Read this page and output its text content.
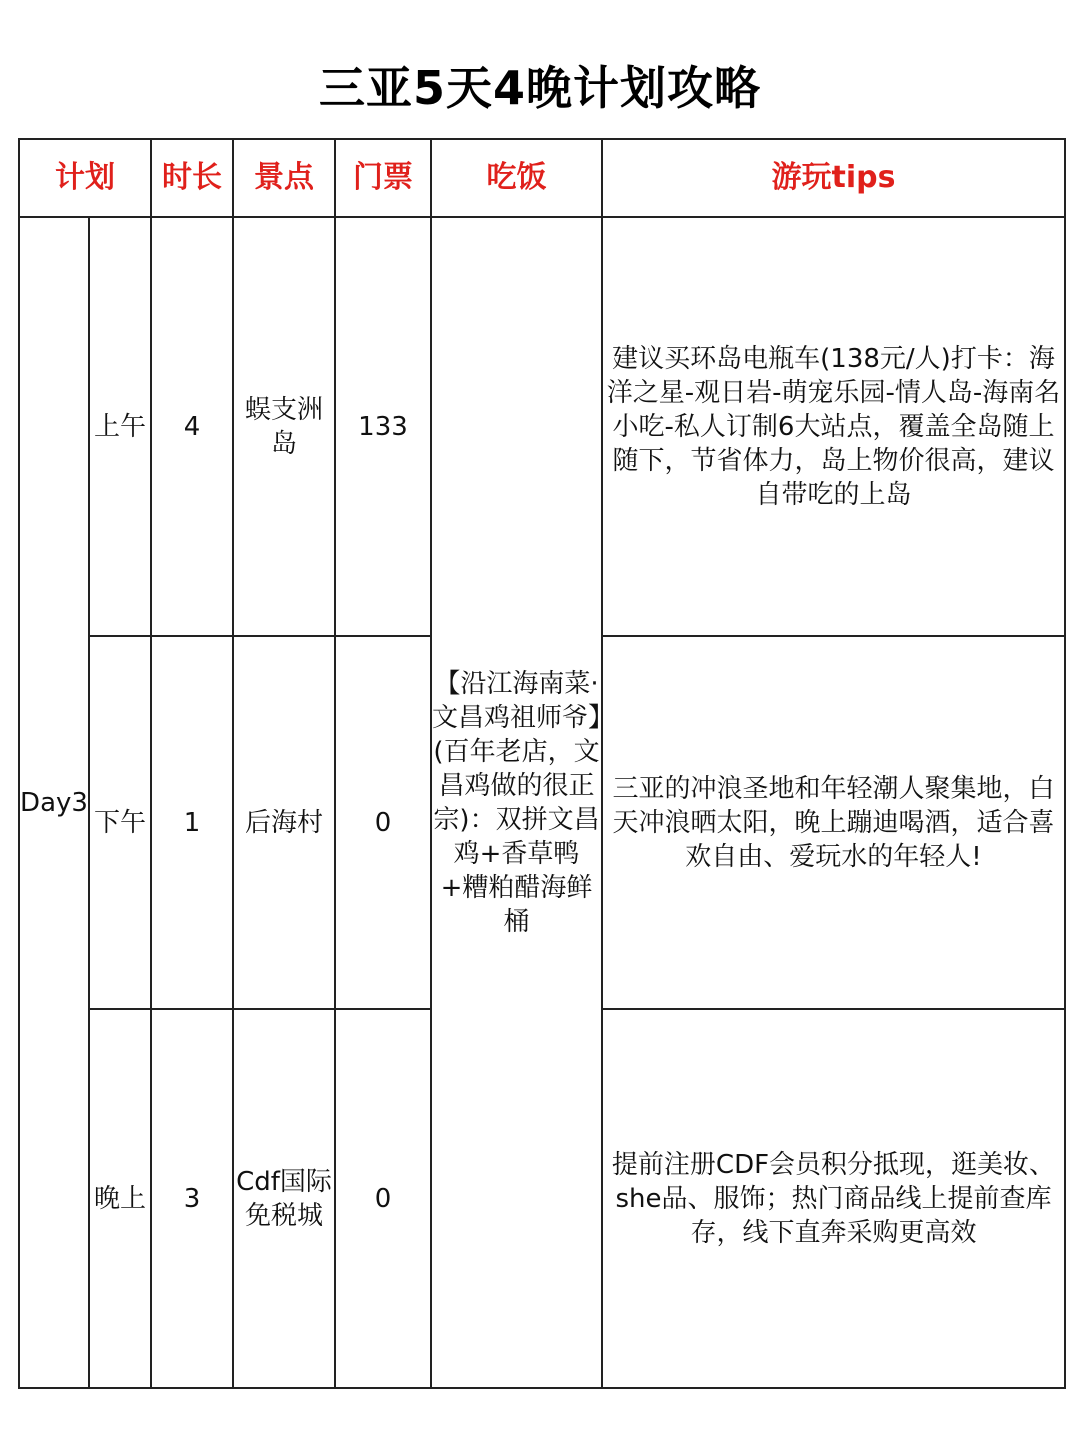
三亚5天4晚计划攻略
计划		时长	景点	门票	吃饭	游玩tips
Day3	上午	4	蜈支洲岛	133	【沿江海南菜·文昌鸡祖师爷】(百年老店，文昌鸡做的很正宗)：双拼文昌鸡+香草鸭+糟粕醋海鲜桶	建议买环岛电瓶车(138元/人)打卡：海洋之星-观日岩-萌宠乐园-情人岛-海南名小吃-私人订制6大站点，覆盖全岛随上随下，节省体力，岛上物价很高，建议自带吃的上岛
	下午	1	后海村	0		三亚的冲浪圣地和年轻潮人聚集地，白天冲浪晒太阳，晚上蹦迪喝酒，适合喜欢自由、爱玩水的年轻人!
	晚上	3	Cdf国际免税城	0		提前注册CDF会员积分抵现，逛美妆、she品、服饰；热门商品线上提前查库存，线下直奔采购更高效
